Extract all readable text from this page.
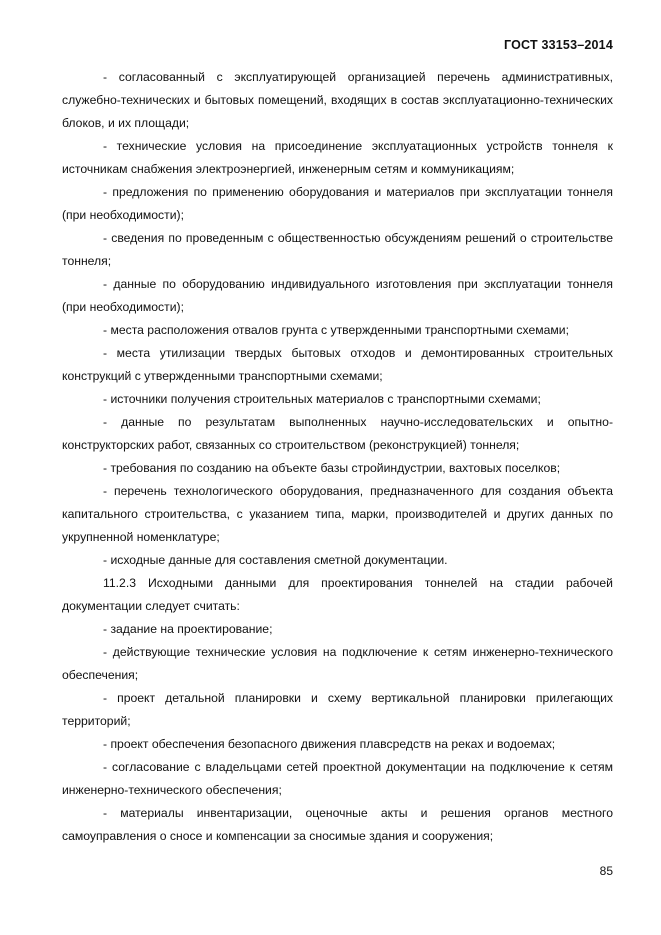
ГОСТ 33153–2014

- согласованный с эксплуатирующей организацией перечень административных, служебно-технических и бытовых помещений, входящих в состав эксплуатационно-технических блоков, и их площади;

- технические условия на присоединение эксплуатационных устройств тоннеля к источникам снабжения электроэнергией, инженерным сетям и коммуникациям;

- предложения по применению оборудования и материалов при эксплуатации тоннеля (при необходимости);

- сведения по проведенным с общественностью обсуждениям решений о строительстве тоннеля;

- данные по оборудованию индивидуального изготовления при эксплуатации тоннеля (при необходимости);

- места расположения отвалов грунта с утвержденными транспортными схемами;

- места утилизации твердых бытовых отходов и демонтированных строительных конструкций с утвержденными транспортными схемами;

- источники получения строительных материалов с транспортными схемами;

- данные по результатам выполненных научно-исследовательских и опытно-конструкторских работ, связанных со строительством (реконструкцией) тоннеля;

- требования по созданию на объекте базы стройиндустрии, вахтовых поселков;

- перечень технологического оборудования, предназначенного для создания объекта капитального строительства, с указанием типа, марки, производителей и других данных по укрупненной номенклатуре;

- исходные данные для составления сметной документации.

11.2.3 Исходными данными для проектирования тоннелей на стадии рабочей документации следует считать:

- задание на проектирование;

- действующие технические условия на подключение к сетям инженерно-технического обеспечения;

- проект детальной планировки и схему вертикальной планировки прилегающих территорий;

- проект обеспечения безопасного движения плавсредств на реках и водоемах;

- согласование с владельцами сетей проектной документации на подключение к сетям инженерно-технического обеспечения;

- материалы инвентаризации, оценочные акты и решения органов местного самоуправления о сносе и компенсации за сносимые здания и сооружения;

85
